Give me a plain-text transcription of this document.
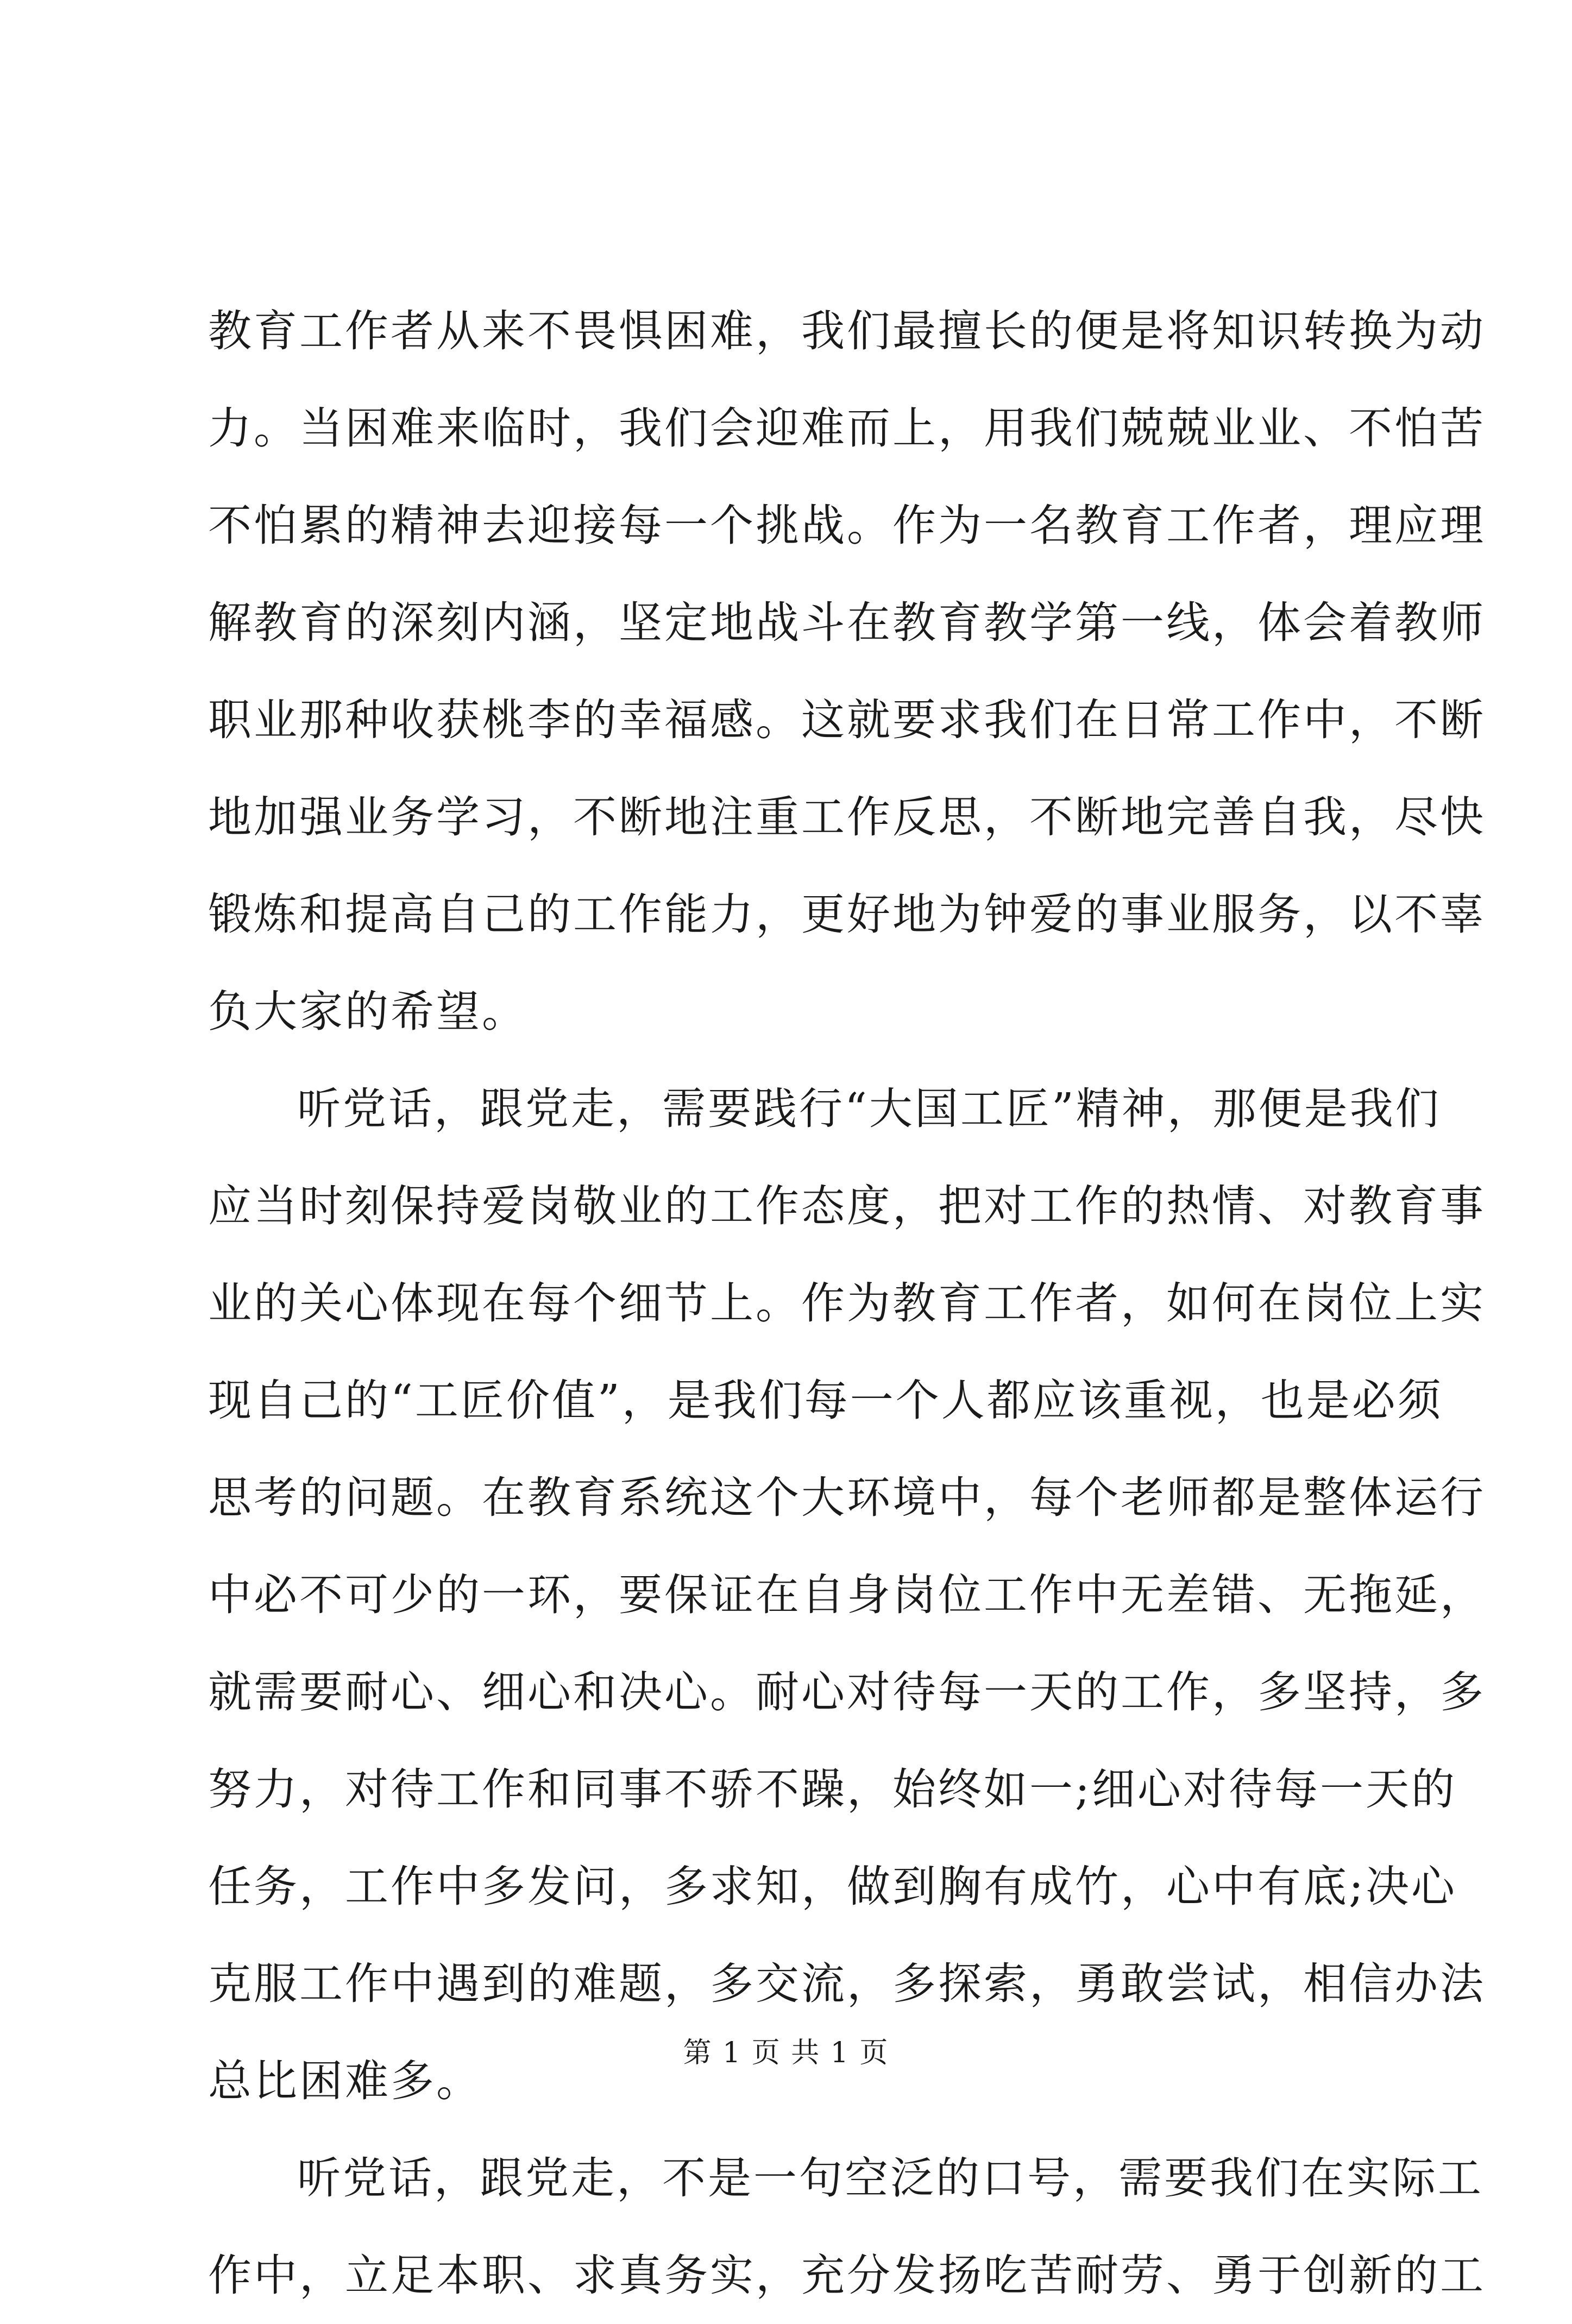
教育工作者从来不畏惧困难，我们最擅长的便是将知识转换为动
力。当困难来临时，我们会迎难而上，用我们兢兢业业、不怕苦
不怕累的精神去迎接每一个挑战。作为一名教育工作者，理应理
解教育的深刻内涵，坚定地战斗在教育教学第一线，体会着教师
职业那种收获桃李的幸福感。这就要求我们在日常工作中，不断
地加强业务学习，不断地注重工作反思，不断地完善自我，尽快
锻炼和提高自己的工作能力，更好地为钟爱的事业服务，以不辜
负大家的希望。
听党话，跟党走，需要践行“大国工匠”精神，那便是我们
应当时刻保持爱岗敬业的工作态度，把对工作的热情、对教育事
业的关心体现在每个细节上。作为教育工作者，如何在岗位上实
现自己的“工匠价值”，是我们每一个人都应该重视，也是必须
思考的问题。在教育系统这个大环境中，每个老师都是整体运行
中必不可少的一环，要保证在自身岗位工作中无差错、无拖延，
就需要耐心、细心和决心。耐心对待每一天的工作，多坚持，多
努力，对待工作和同事不骄不躁，始终如一;细心对待每一天的
任务，工作中多发问，多求知，做到胸有成竹，心中有底;决心
克服工作中遇到的难题，多交流，多探索，勇敢尝试，相信办法
总比困难多。
听党话，跟党走，不是一句空泛的口号，需要我们在实际工
作中，立足本职、求真务实，充分发扬吃苦耐劳、勇于创新的工
第 1 页 共 1 页
